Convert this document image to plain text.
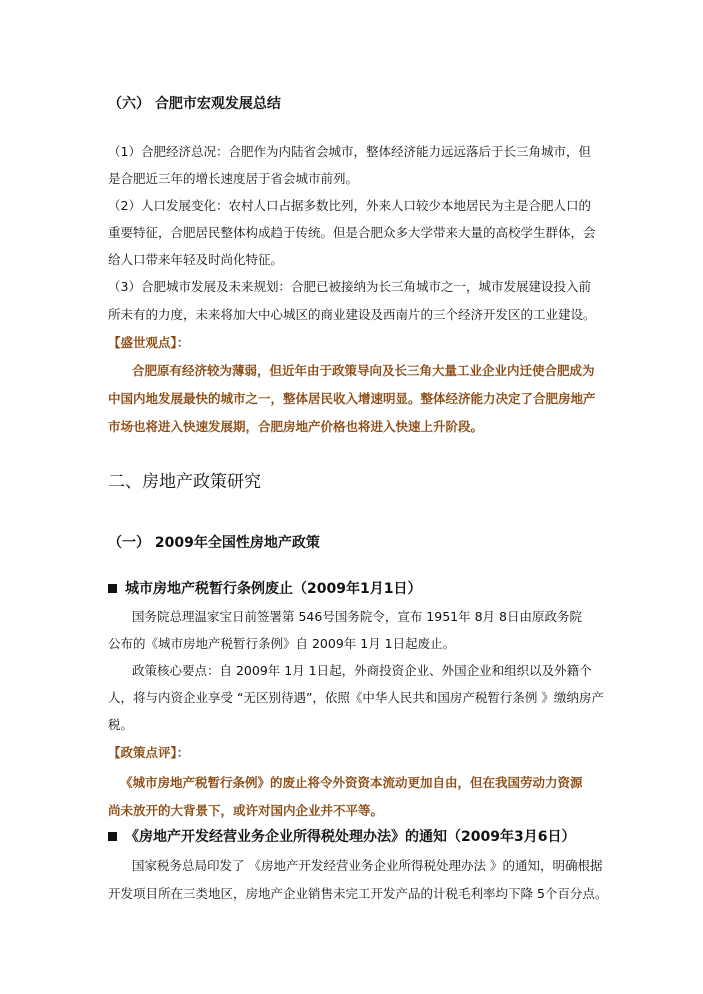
（六） 合肥市宏观发展总结
（1）合肥经济总况：合肥作为内陆省会城市，整体经济能力远远落后于长三角城市，但
是合肥近三年的增长速度居于省会城市前列。
（2）人口发展变化：农村人口占据多数比列，外来人口较少本地居民为主是合肥人口的
重要特征，合肥居民整体构成趋于传统。但是合肥众多大学带来大量的高校学生群体，会
给人口带来年轻及时尚化特征。
（3）合肥城市发展及未来规划：合肥已被接纳为长三角城市之一，城市发展建设投入前
所未有的力度，未来将加大中心城区的商业建设及西南片的三个经济开发区的工业建设。
【盛世观点】：
合肥原有经济较为薄弱，但近年由于政策导向及长三角大量工业企业内迁使合肥成为
中国内地发展最快的城市之一，整体居民收入增速明显。整体经济能力决定了合肥房地产
市场也将进入快速发展期，合肥房地产价格也将进入快速上升阶段。
二、房地产政策研究
（一） 2009年全国性房地产政策
城市房地产税暂行条例废止（2009年1月1日）
国务院总理温家宝日前签署第 546号国务院令，宣布 1951年 8月 8日由原政务院
公布的《城市房地产税暂行条例》自 2009年 1月 1日起废止。
政策核心要点：自 2009年 1月 1日起，外商投资企业、外国企业和组织以及外籍个
人，将与内资企业享受 “无区别待遇”，依照《中华人民共和国房产税暂行条例 》缴纳房产
税。
【政策点评】：
《城市房地产税暂行条例》的废止将令外资资本流动更加自由，但在我国劳动力资源
尚未放开的大背景下，或许对国内企业并不平等。
《房地产开发经营业务企业所得税处理办法》的通知（2009年3月6日）
国家税务总局印发了 《房地产开发经营业务企业所得税处理办法 》的通知，明确根据
开发项目所在三类地区，房地产企业销售未完工开发产品的计税毛利率均下降 5个百分点。
